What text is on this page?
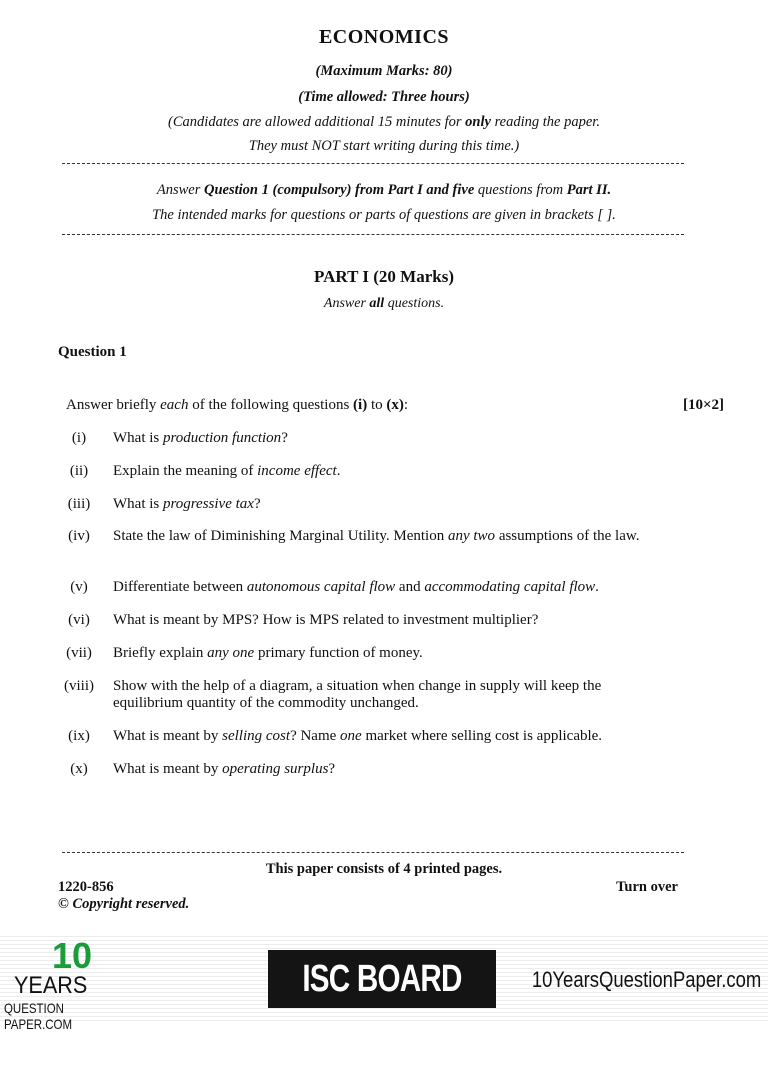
ECONOMICS
(Maximum Marks: 80)
(Time allowed: Three hours)
(Candidates are allowed additional 15 minutes for only reading the paper.
They must NOT start writing during this time.)
Answer Question 1 (compulsory) from Part I and five questions from Part II.
The intended marks for questions or parts of questions are given in brackets [ ].
PART I (20 Marks)
Answer all questions.
Question 1
Answer briefly each of the following questions (i) to (x):	[10×2]
(i)	What is production function?
(ii)	Explain the meaning of income effect.
(iii)	What is progressive tax?
(iv)	State the law of Diminishing Marginal Utility. Mention any two assumptions of the law.
(v)	Differentiate between autonomous capital flow and accommodating capital flow.
(vi)	What is meant by MPS? How is MPS related to investment multiplier?
(vii)	Briefly explain any one primary function of money.
(viii) Show with the help of a diagram, a situation when change in supply will keep the equilibrium quantity of the commodity unchanged.
(ix)	What is meant by selling cost? Name one market where selling cost is applicable.
(x)	What is meant by operating surplus?
This paper consists of 4 printed pages.
1220-856
© Copyright reserved.
Turn over
10
YEARS
QUESTION PAPER.COM
ISC BOARD XII
10YearsQuestionPaper.com
